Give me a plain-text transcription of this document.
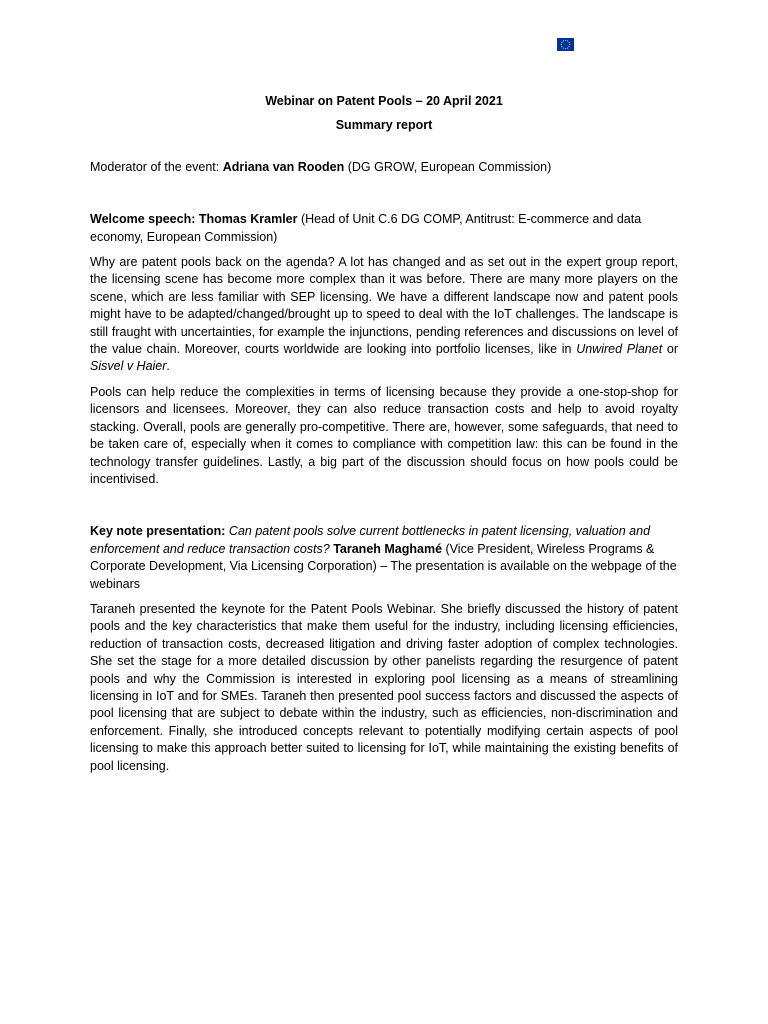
Webinar on Patent Pools – 20 April 2021

Summary report

Moderator of the event: Adriana van Rooden (DG GROW, European Commission)

Welcome speech: Thomas Kramler (Head of Unit C.6 DG COMP, Antitrust: E-commerce and data economy, European Commission)

Why are patent pools back on the agenda? A lot has changed and as set out in the expert group report, the licensing scene has become more complex than it was before. There are many more players on the scene, which are less familiar with SEP licensing. We have a different landscape now and patent pools might have to be adapted/changed/brought up to speed to deal with the IoT challenges. The landscape is still fraught with uncertainties, for example the injunctions, pending references and discussions on level of the value chain. Moreover, courts worldwide are looking into portfolio licenses, like in Unwired Planet or Sisvel v Haier.

Pools can help reduce the complexities in terms of licensing because they provide a one-stop-shop for licensors and licensees. Moreover, they can also reduce transaction costs and help to avoid royalty stacking. Overall, pools are generally pro-competitive. There are, however, some safeguards, that need to be taken care of, especially when it comes to compliance with competition law: this can be found in the technology transfer guidelines. Lastly, a big part of the discussion should focus on how pools could be incentivised.

Key note presentation: Can patent pools solve current bottlenecks in patent licensing, valuation and enforcement and reduce transaction costs? Taraneh Maghamé (Vice President, Wireless Programs & Corporate Development, Via Licensing Corporation) – The presentation is available on the webpage of the webinars

Taraneh presented the keynote for the Patent Pools Webinar. She briefly discussed the history of patent pools and the key characteristics that make them useful for the industry, including licensing efficiencies, reduction of transaction costs, decreased litigation and driving faster adoption of complex technologies. She set the stage for a more detailed discussion by other panelists regarding the resurgence of patent pools and why the Commission is interested in exploring pool licensing as a means of streamlining licensing in IoT and for SMEs. Taraneh then presented pool success factors and discussed the aspects of pool licensing that are subject to debate within the industry, such as efficiencies, non-discrimination and enforcement. Finally, she introduced concepts relevant to potentially modifying certain aspects of pool licensing to make this approach better suited to licensing for IoT, while maintaining the existing benefits of pool licensing.
